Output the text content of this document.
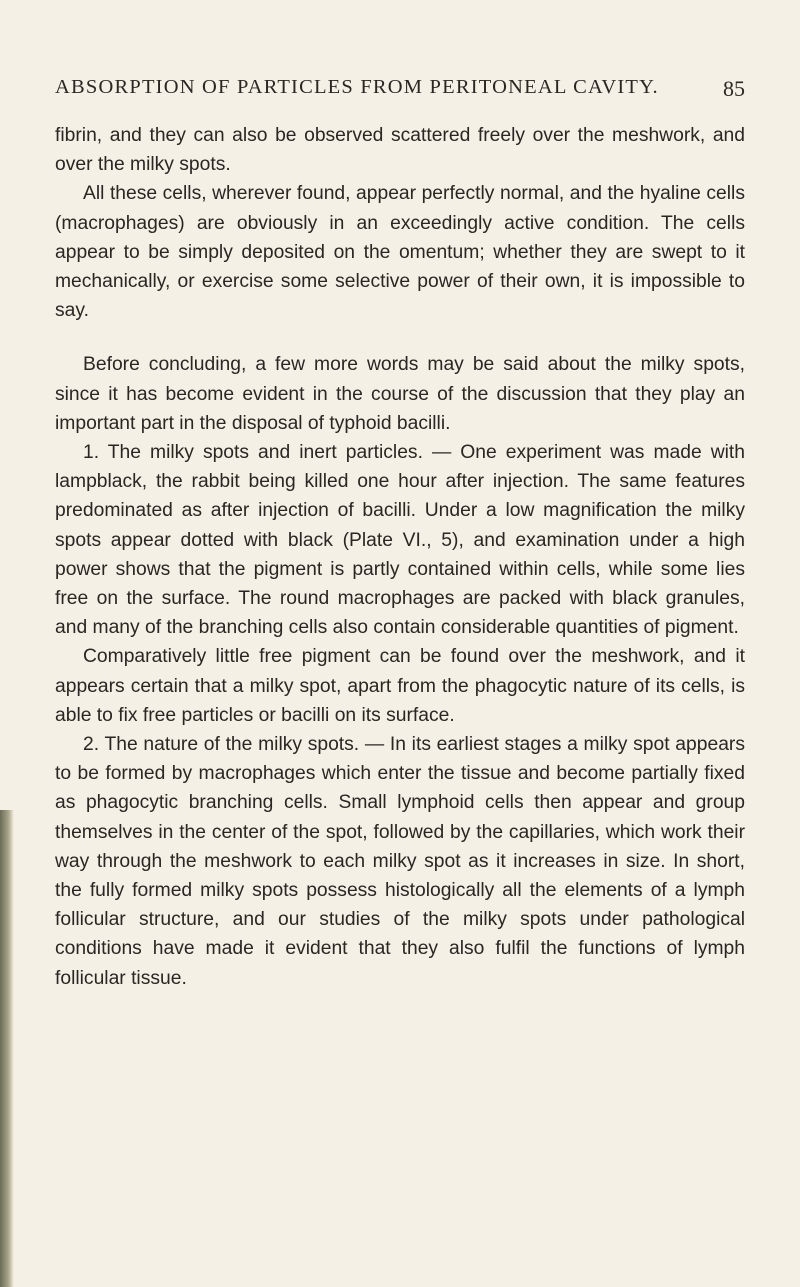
ABSORPTION OF PARTICLES FROM PERITONEAL CAVITY.	85

fibrin, and they can also be observed scattered freely over the meshwork, and over the milky spots.

All these cells, wherever found, appear perfectly normal, and the hyaline cells (macrophages) are obviously in an exceedingly active condition. The cells appear to be simply deposited on the omentum; whether they are swept to it mechanically, or exercise some selective power of their own, it is impossible to say.

Before concluding, a few more words may be said about the milky spots, since it has become evident in the course of the discussion that they play an important part in the disposal of typhoid bacilli.

1. The milky spots and inert particles. — One experiment was made with lampblack, the rabbit being killed one hour after injection. The same features predominated as after injection of bacilli. Under a low magnification the milky spots appear dotted with black (Plate VI., 5), and examination under a high power shows that the pigment is partly contained within cells, while some lies free on the surface. The round macrophages are packed with black granules, and many of the branching cells also contain considerable quantities of pigment.

Comparatively little free pigment can be found over the meshwork, and it appears certain that a milky spot, apart from the phagocytic nature of its cells, is able to fix free particles or bacilli on its surface.

2. The nature of the milky spots. — In its earliest stages a milky spot appears to be formed by macrophages which enter the tissue and become partially fixed as phagocytic branching cells. Small lymphoid cells then appear and group themselves in the center of the spot, followed by the capillaries, which work their way through the meshwork to each milky spot as it increases in size. In short, the fully formed milky spots possess histologically all the elements of a lymph follicular structure, and our studies of the milky spots under pathological conditions have made it evident that they also fulfil the functions of lymph follicular tissue.
